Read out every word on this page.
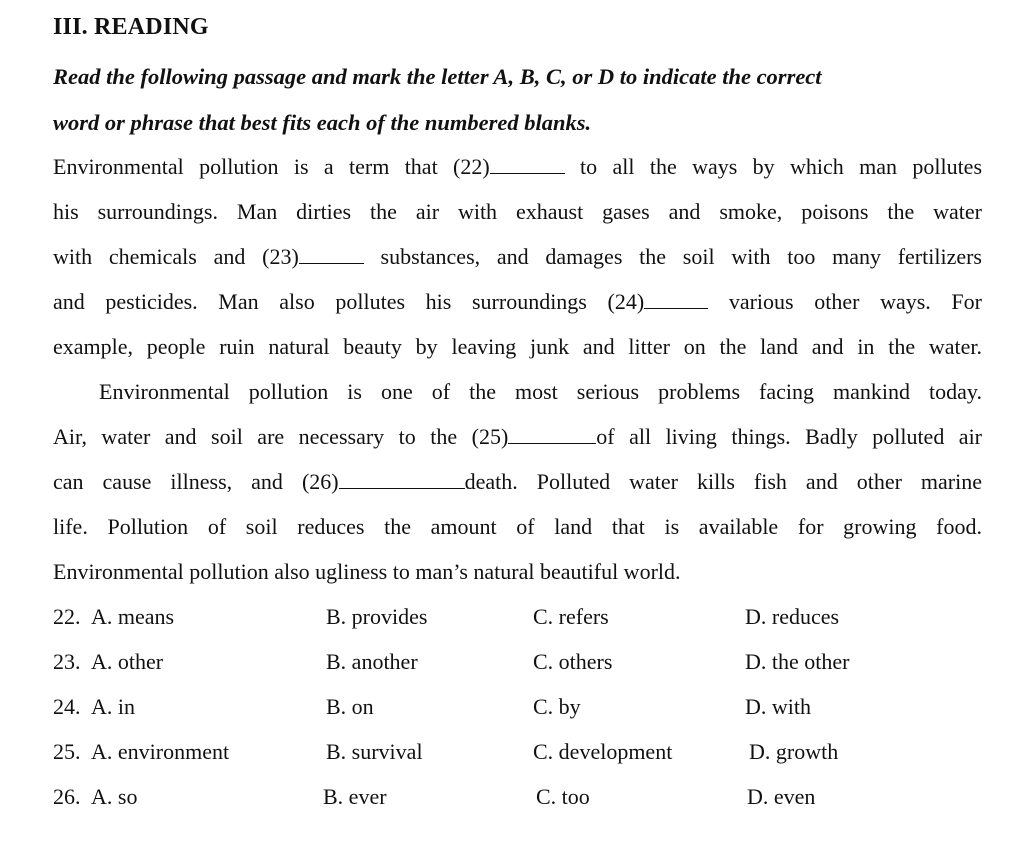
III. READING
Read the following passage and mark the letter A, B, C, or D to indicate the correct
word or phrase that best fits each of the numbered blanks.
Environmental pollution is a term that (22)	to all the ways by which man pollutes
his surroundings. Man dirties the air with exhaust gases and smoke, poisons the water
with chemicals and (23)	substances, and damages the soil with too many fertilizers
and pesticides. Man also pollutes his surroundings (24)	various other ways. For
example, people ruin natural beauty by leaving junk and litter on the land and in the water.
Environmental pollution is one of the most serious problems facing mankind today.
Air, water and soil are necessary to the (25)	of all living things. Badly polluted air
can cause illness, and (26)	death. Polluted water kills fish and other marine
life. Pollution of soil reduces the amount of land that is available for growing food.
Environmental pollution also ugliness to man’s natural beautiful world.
22. A. means	B. provides	C. refers	D. reduces
23. A. other	B. another	C. others	D. the other
24. A. in	B. on	C. by	D. with
25. A. environment	B. survival	C. development	D. growth
26. A. so	B. ever	C. too	D. even
